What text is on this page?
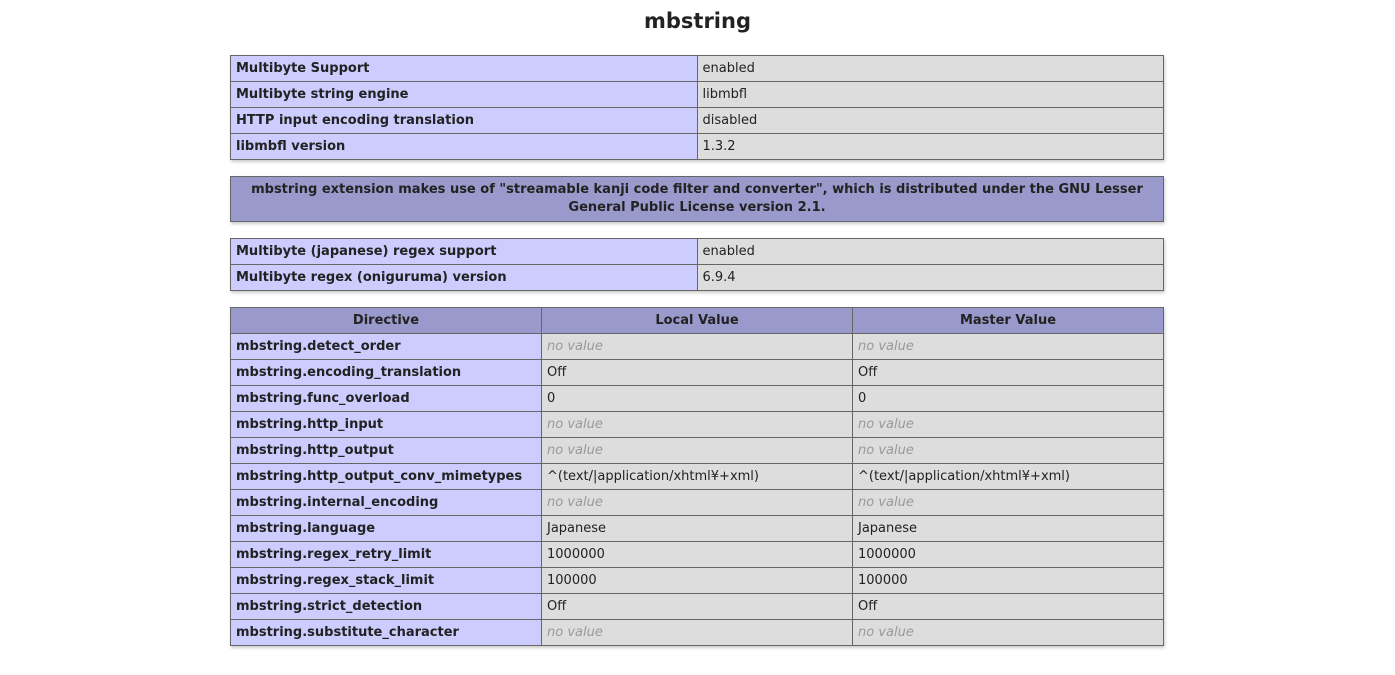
mbstring
Multibyte Support	enabled
Multibyte string engine	libmbfl
HTTP input encoding translation	disabled
libmbfl version	1.3.2
mbstring extension makes use of "streamable kanji code filter and converter", which is distributed under the GNU Lesser General Public License version 2.1.
Multibyte (japanese) regex support	enabled
Multibyte regex (oniguruma) version	6.9.4
Directive	Local Value	Master Value
mbstring.detect_order	no value	no value
mbstring.encoding_translation	Off	Off
mbstring.func_overload	0	0
mbstring.http_input	no value	no value
mbstring.http_output	no value	no value
mbstring.http_output_conv_mimetypes	^(text/|application/xhtml¥+xml)	^(text/|application/xhtml¥+xml)
mbstring.internal_encoding	no value	no value
mbstring.language	Japanese	Japanese
mbstring.regex_retry_limit	1000000	1000000
mbstring.regex_stack_limit	100000	100000
mbstring.strict_detection	Off	Off
mbstring.substitute_character	no value	no value
